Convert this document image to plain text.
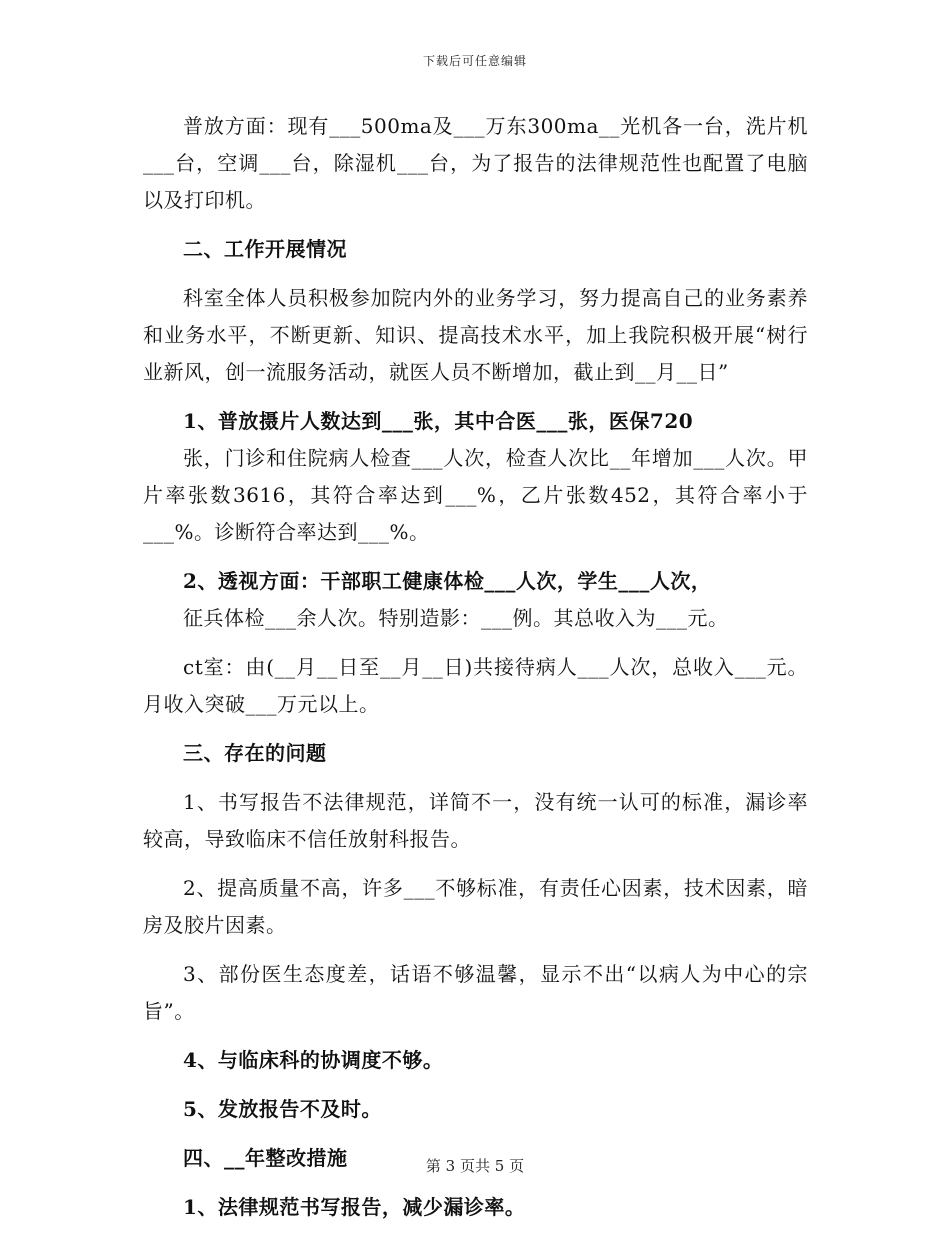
下载后可任意编辑

普放方面：现有___500ma及___万东300ma__光机各一台，洗片机___台，空调___台，除湿机___台，为了报告的法律规范性也配置了电脑以及打印机。

二、工作开展情况

科室全体人员积极参加院内外的业务学习，努力提高自己的业务素养和业务水平，不断更新、知识、提高技术水平，加上我院积极开展“树行业新风，创一流服务活动，就医人员不断增加，截止到__月__日”

1、普放摄片人数达到___张，其中合医___张，医保720

张，门诊和住院病人检查___人次，检查人次比__年增加___人次。甲片率张数3616，其符合率达到___%，乙片张数452，其符合率小于___%。诊断符合率达到___%。

2、透视方面：干部职工健康体检___人次，学生___人次，

征兵体检___余人次。特别造影：___例。其总收入为___元。

ct室：由(__月__日至__月__日)共接待病人___人次，总收入___元。月收入突破___万元以上。

三、存在的问题

1、书写报告不法律规范，详简不一，没有统一认可的标准，漏诊率较高，导致临床不信任放射科报告。

2、提高质量不高，许多___不够标准，有责任心因素，技术因素，暗房及胶片因素。

3、部份医生态度差，话语不够温馨，显示不出“以病人为中心的宗旨”。

4、与临床科的协调度不够。

5、发放报告不及时。

四、__年整改措施

1、法律规范书写报告，减少漏诊率。

第 3 页共 5 页
